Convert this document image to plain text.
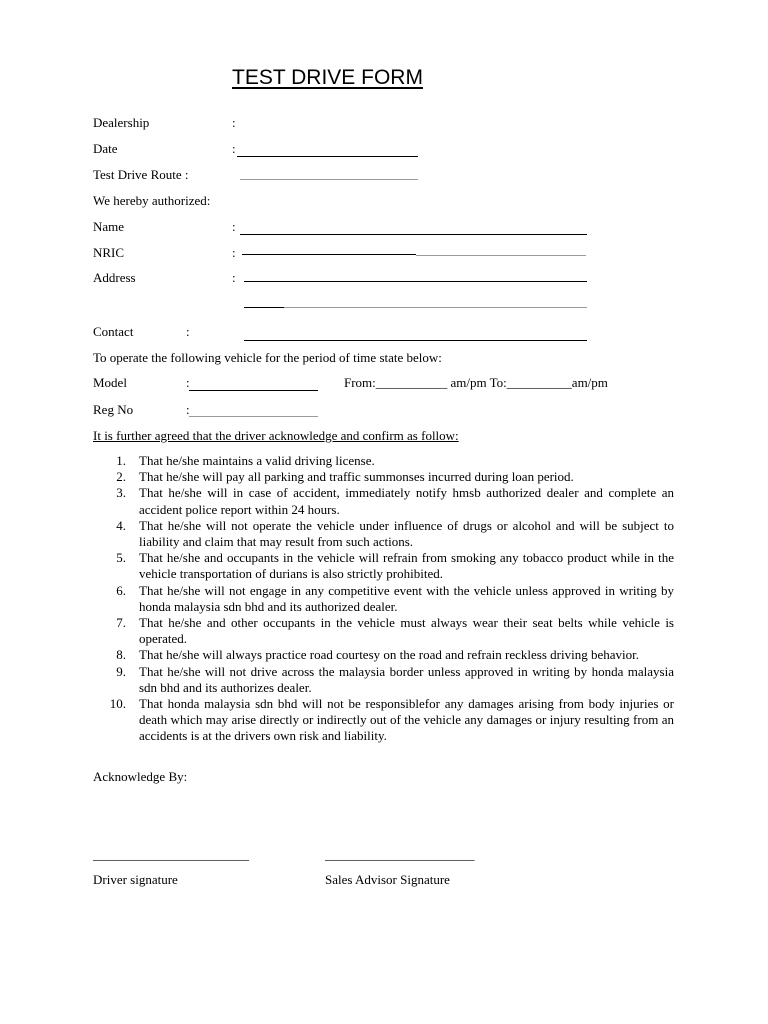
TEST DRIVE FORM
Dealership	:
Date	:
Test Drive Route :
We hereby authorized:
Name	:
NRIC	:
Address	:
Contact	:
To operate the following vehicle for the period of time state below:
Model	:	From:___________ am/pm To:__________am/pm
Reg No	:
It is further agreed that the driver acknowledge and confirm as follow:
1. That he/she maintains a valid driving license.
2. That he/she will pay all parking and traffic summonses incurred during loan period.
3. That he/she will in case of accident, immediately notify hmsb authorized dealer and complete an accident police report within 24 hours.
4. That he/she will not operate the vehicle under influence of drugs or alcohol and will be subject to liability and claim that may result from such actions.
5. That he/she and occupants in the vehicle will refrain from smoking any tobacco product while in the vehicle transportation of durians is also strictly prohibited.
6. That he/she will not engage in any competitive event with the vehicle unless approved in writing by honda malaysia sdn bhd and its authorized dealer.
7. That he/she and other occupants in the vehicle must always wear their seat belts while vehicle is operated.
8. That he/she will always practice road courtesy on the road and refrain reckless driving behavior.
9. That he/she will not drive across the malaysia border unless approved in writing by honda malaysia sdn bhd and its authorizes dealer.
10. That honda malaysia sdn bhd will not be responsiblefor any damages arising from body injuries or death which may arise directly or indirectly out of the vehicle any damages or injury resulting from an accidents is at the drivers own risk and liability.
Acknowledge By:
________________________	_______________________
Driver signature	Sales Advisor Signature
